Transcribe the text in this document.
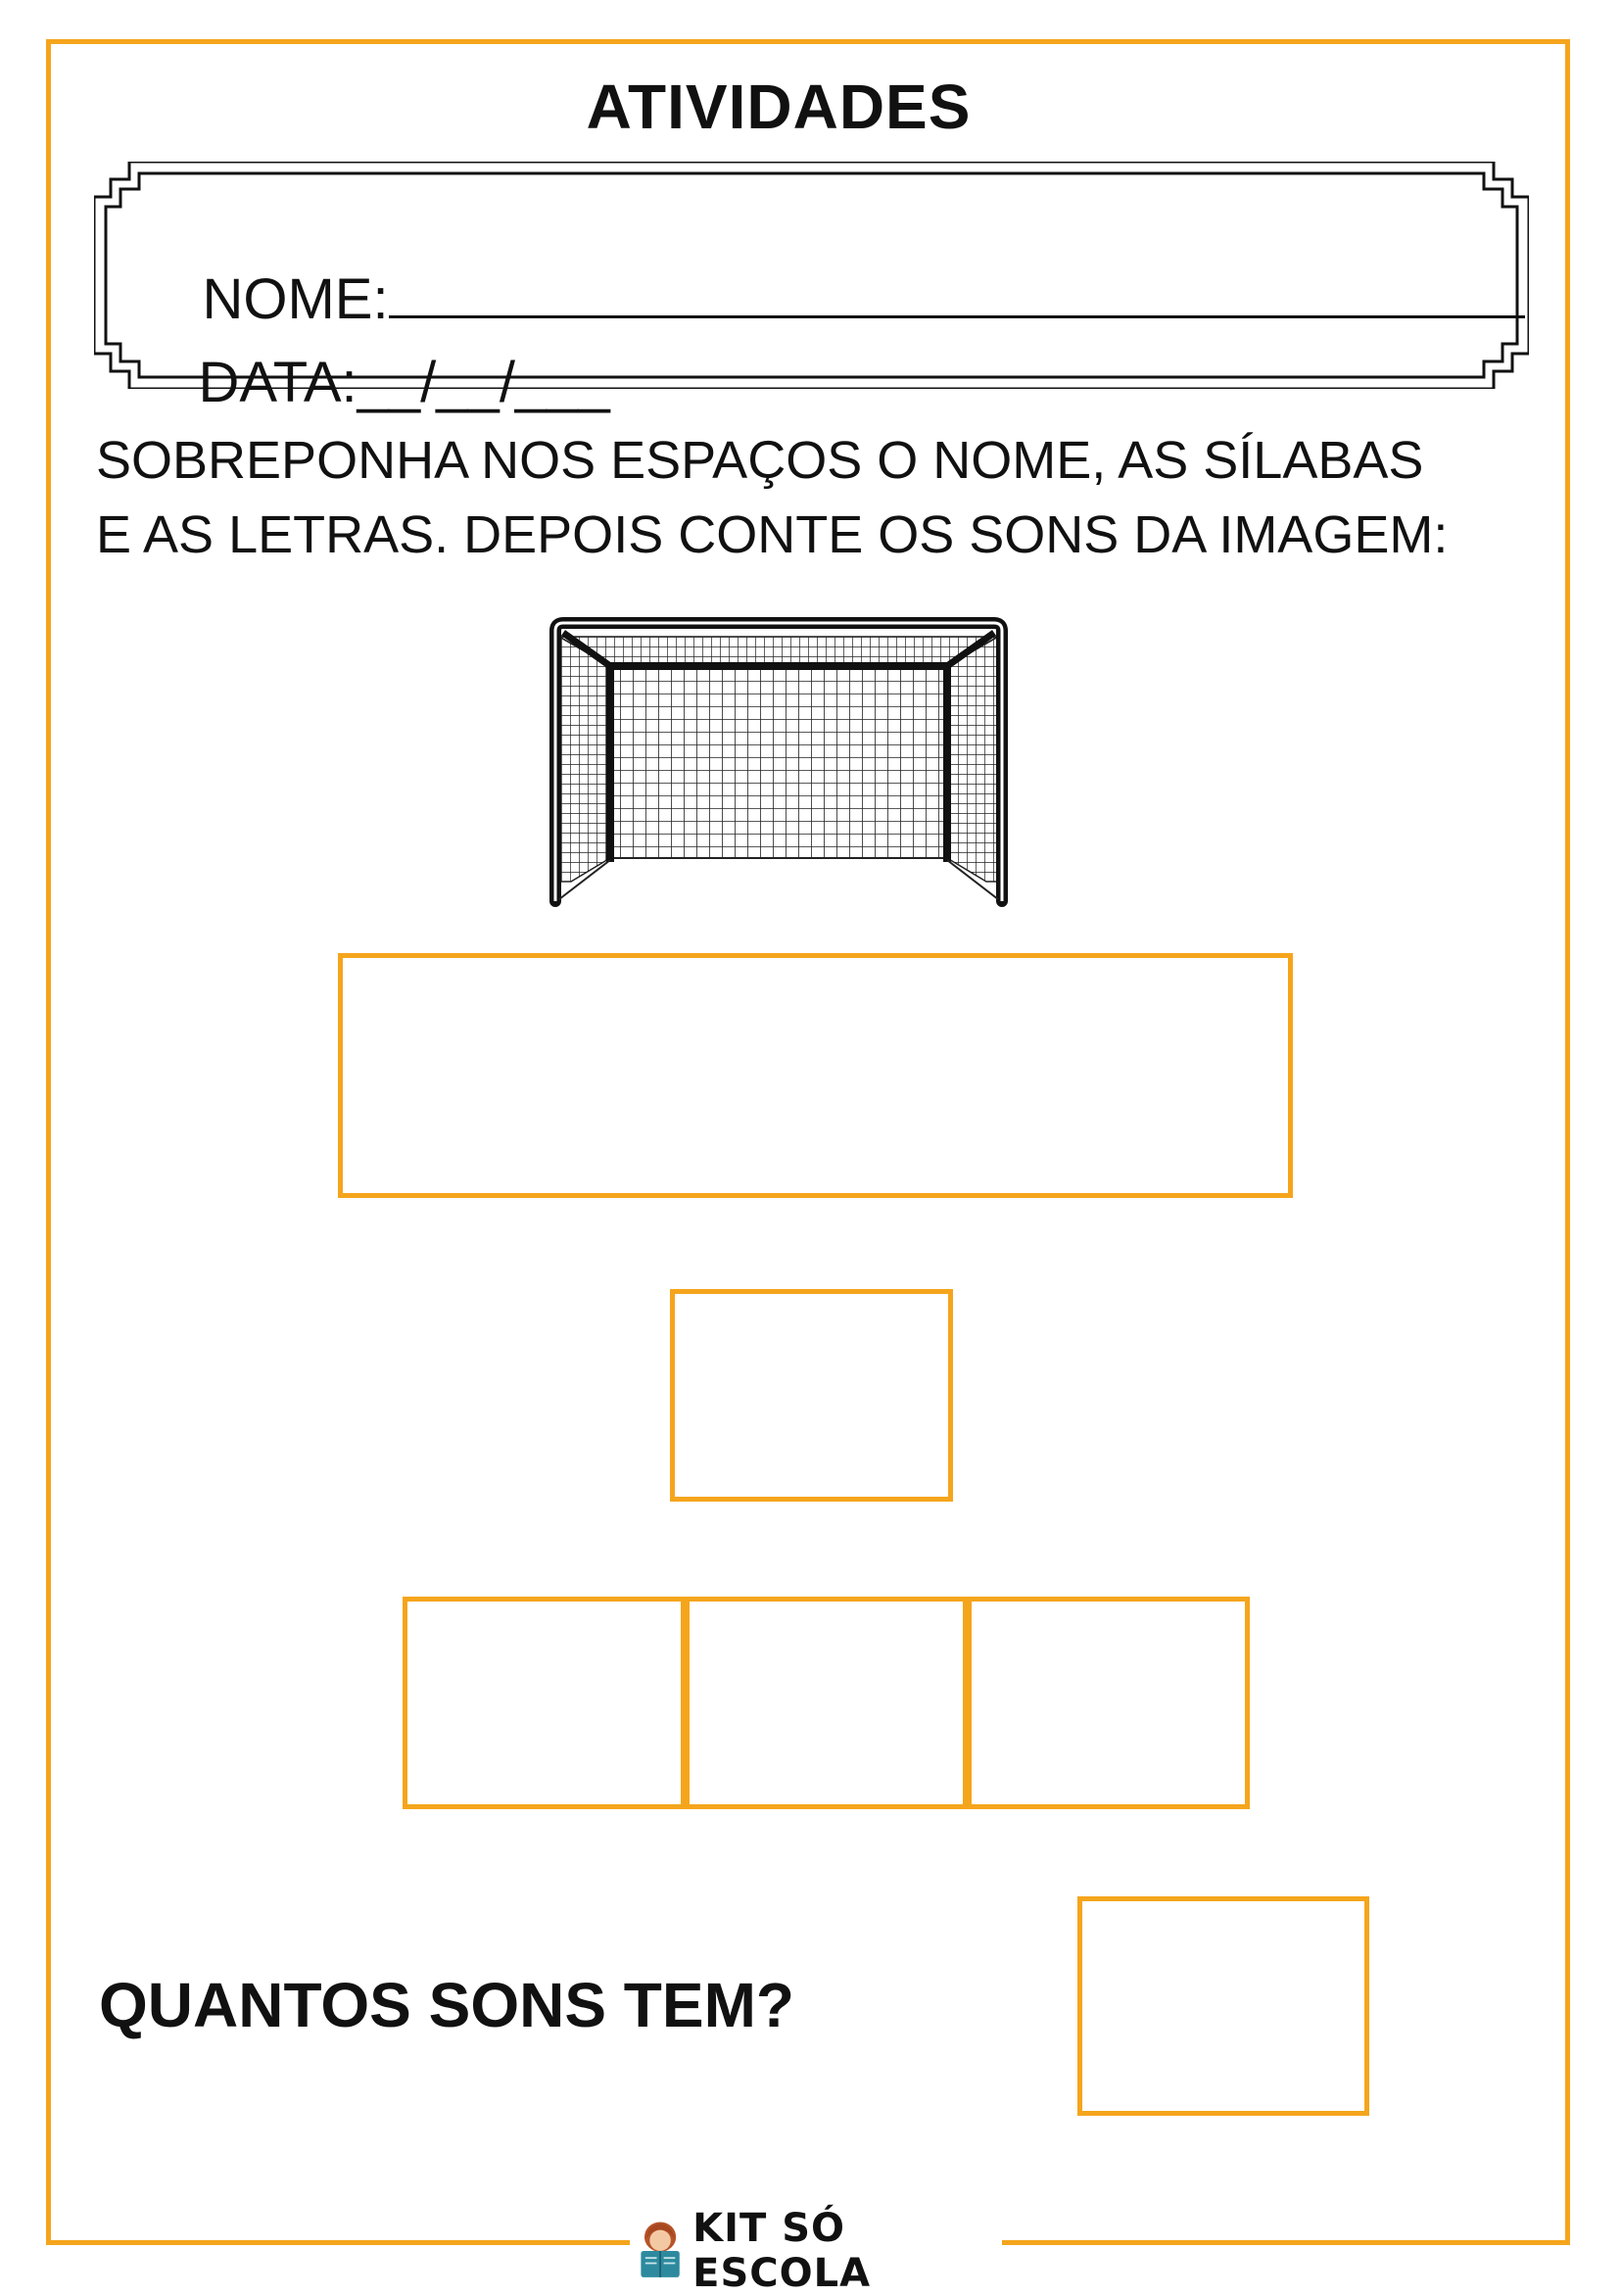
ATIVIDADES

NOME:

DATA:__/__/___

SOBREPONHA NOS ESPAÇOS O NOME, AS SÍLABAS
E AS LETRAS. DEPOIS CONTE OS SONS DA IMAGEM:

QUANTOS SONS TEM?

KIT SÓ ESCOLA
